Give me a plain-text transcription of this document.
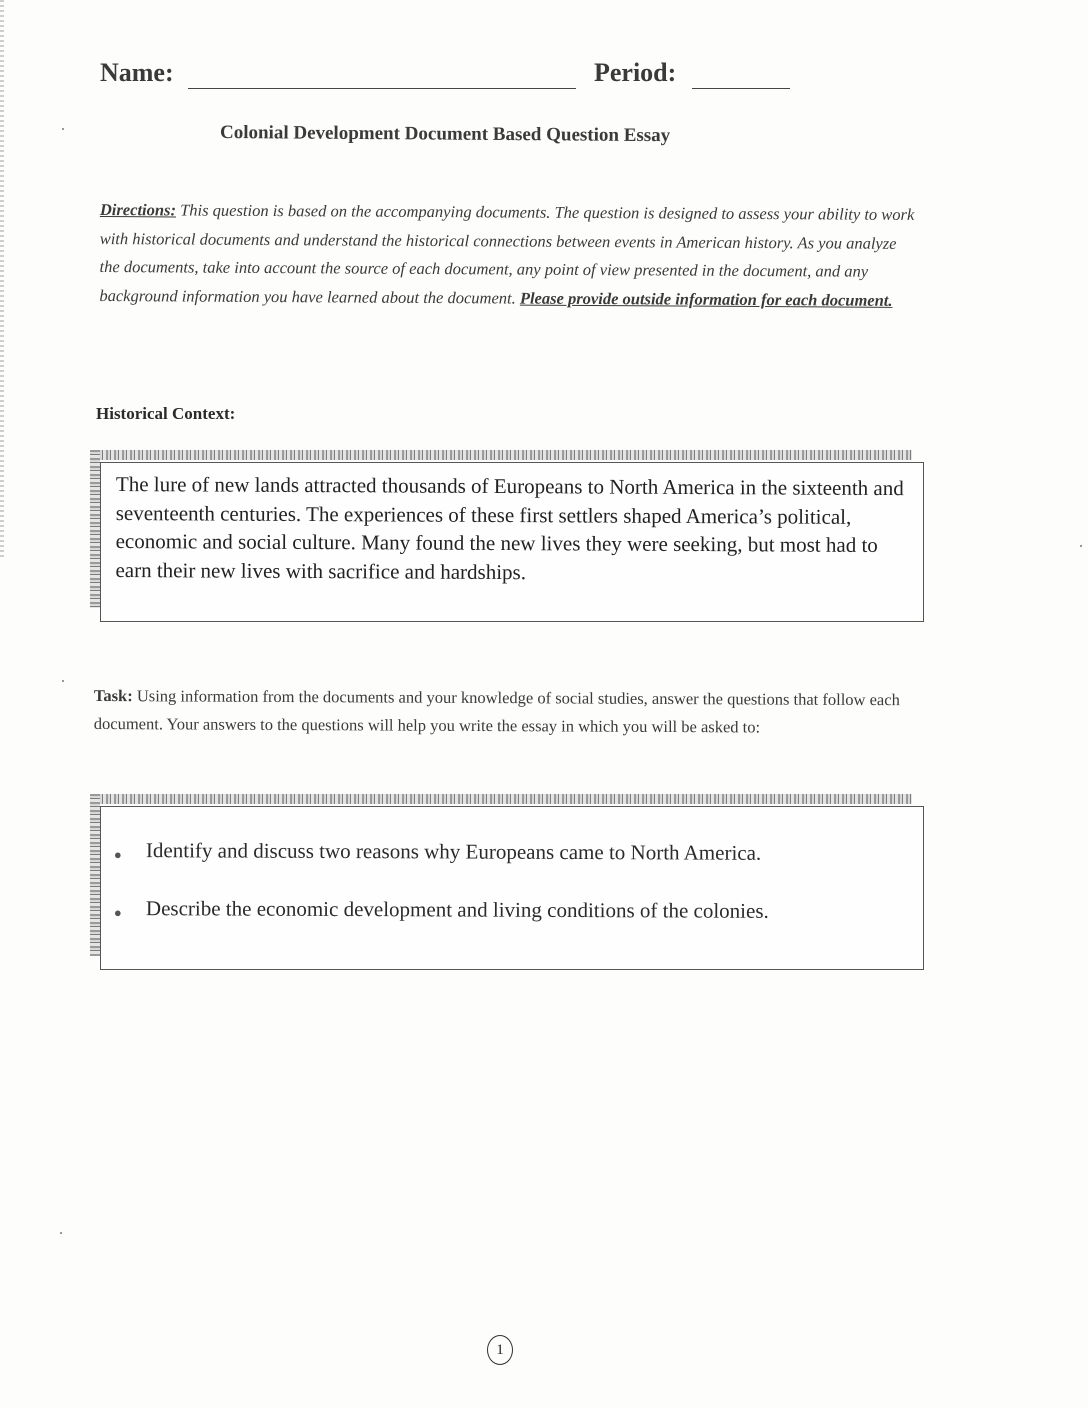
Name:	Period:
Colonial Development Document Based Question Essay
Directions: This question is based on the accompanying documents. The question is designed to assess your ability to work with historical documents and understand the historical connections between events in American history. As you analyze the documents, take into account the source of each document, any point of view presented in the document, and any background information you have learned about the document. Please provide outside information for each document.
Historical Context:
The lure of new lands attracted thousands of Europeans to North America in the sixteenth and seventeenth centuries. The experiences of these first settlers shaped America’s political, economic and social culture. Many found the new lives they were seeking, but most had to earn their new lives with sacrifice and hardships.
Task: Using information from the documents and your knowledge of social studies, answer the questions that follow each document. Your answers to the questions will help you write the essay in which you will be asked to:
● Identify and discuss two reasons why Europeans came to North America.
● Describe the economic development and living conditions of the colonies.
1
